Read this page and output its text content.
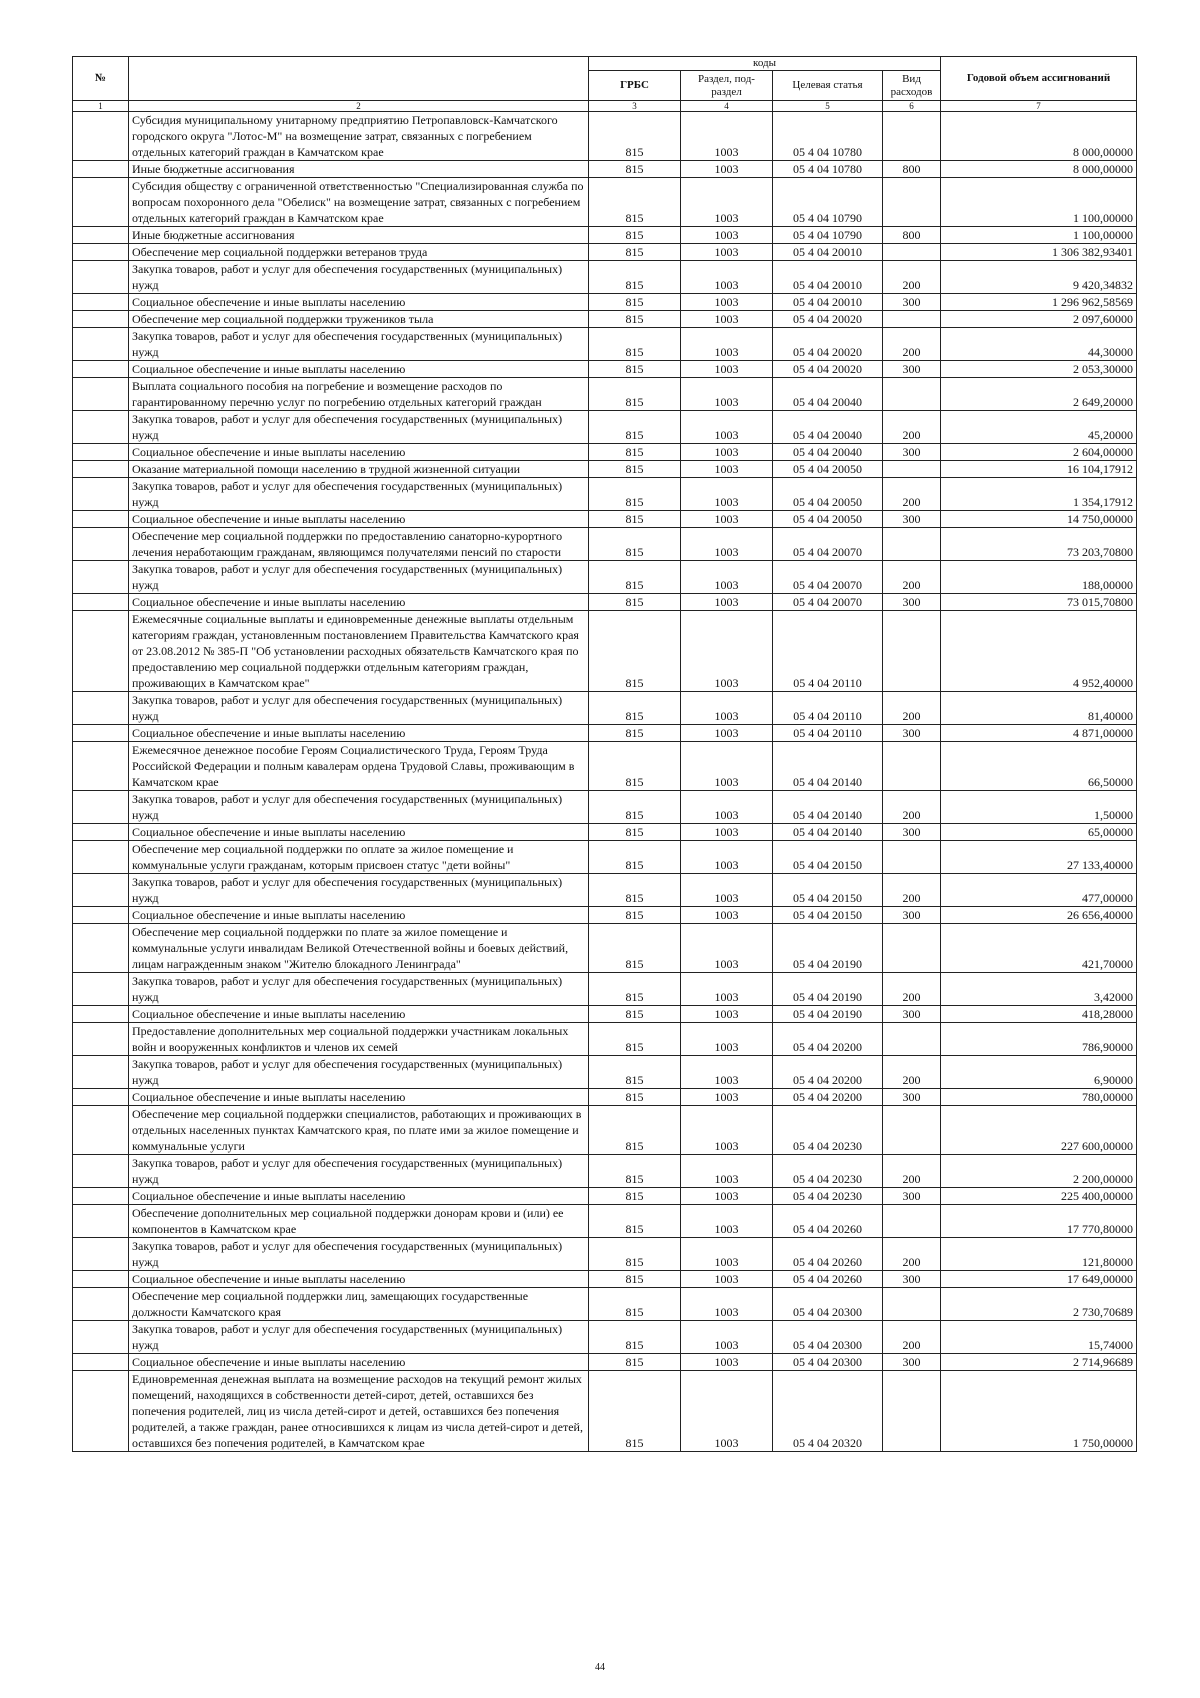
№		коды				Годовой объем ассигнований
		ГРБС	Раздел, под-раздел	Целевая статья	Вид расходов	
1	2	3	4	5	6	7
	Субсидия муниципальному унитарному предприятию Петропавловск-Камчатского городского округа "Лотос-М" на возмещение затрат, связанных с погребением отдельных категорий граждан в Камчатском крае	815	1003	05 4 04 10780		8 000,00000
	Иные бюджетные ассигнования	815	1003	05 4 04 10780	800	8 000,00000
	Субсидия обществу с ограниченной ответственностью "Специализированная служба по вопросам похоронного дела "Обелиск" на возмещение затрат, связанных с погребением отдельных категорий граждан в Камчатском крае	815	1003	05 4 04 10790		1 100,00000
	Иные бюджетные ассигнования	815	1003	05 4 04 10790	800	1 100,00000
	Обеспечение мер социальной поддержки ветеранов труда	815	1003	05 4 04 20010		1 306 382,93401
	Закупка товаров, работ и услуг для обеспечения государственных (муниципальных) нужд	815	1003	05 4 04 20010	200	9 420,34832
	Социальное обеспечение и иные выплаты населению	815	1003	05 4 04 20010	300	1 296 962,58569
	Обеспечение мер социальной поддержки тружеников тыла	815	1003	05 4 04 20020		2 097,60000
	Закупка товаров, работ и услуг для обеспечения государственных (муниципальных) нужд	815	1003	05 4 04 20020	200	44,30000
	Социальное обеспечение и иные выплаты населению	815	1003	05 4 04 20020	300	2 053,30000
	Выплата социального пособия на погребение и возмещение расходов по гарантированному перечню услуг по погребению отдельных категорий граждан	815	1003	05 4 04 20040		2 649,20000
	Закупка товаров, работ и услуг для обеспечения государственных (муниципальных) нужд	815	1003	05 4 04 20040	200	45,20000
	Социальное обеспечение и иные выплаты населению	815	1003	05 4 04 20040	300	2 604,00000
	Оказание материальной помощи населению в трудной жизненной ситуации	815	1003	05 4 04 20050		16 104,17912
	Закупка товаров, работ и услуг для обеспечения государственных (муниципальных) нужд	815	1003	05 4 04 20050	200	1 354,17912
	Социальное обеспечение и иные выплаты населению	815	1003	05 4 04 20050	300	14 750,00000
	Обеспечение мер социальной поддержки по предоставлению санаторно-курортного лечения неработающим гражданам, являющимся получателями пенсий по старости	815	1003	05 4 04 20070		73 203,70800
	Закупка товаров, работ и услуг для обеспечения государственных (муниципальных) нужд	815	1003	05 4 04 20070	200	188,00000
	Социальное обеспечение и иные выплаты населению	815	1003	05 4 04 20070	300	73 015,70800
	Ежемесячные социальные выплаты и единовременные денежные выплаты отдельным категориям граждан, установленным постановлением Правительства Камчатского края от 23.08.2012 № 385-П "Об установлении расходных обязательств Камчатского края по предоставлению мер социальной поддержки отдельным категориям граждан, проживающих в Камчатском крае"	815	1003	05 4 04 20110		4 952,40000
	Закупка товаров, работ и услуг для обеспечения государственных (муниципальных) нужд	815	1003	05 4 04 20110	200	81,40000
	Социальное обеспечение и иные выплаты населению	815	1003	05 4 04 20110	300	4 871,00000
	Ежемесячное денежное пособие Героям Социалистического Труда, Героям Труда Российской Федерации и полным кавалерам ордена Трудовой Славы, проживающим в Камчатском крае	815	1003	05 4 04 20140		66,50000
	Закупка товаров, работ и услуг для обеспечения государственных (муниципальных) нужд	815	1003	05 4 04 20140	200	1,50000
	Социальное обеспечение и иные выплаты населению	815	1003	05 4 04 20140	300	65,00000
	Обеспечение мер социальной поддержки по оплате за жилое помещение и коммунальные услуги гражданам, которым присвоен статус "дети войны"	815	1003	05 4 04 20150		27 133,40000
	Закупка товаров, работ и услуг для обеспечения государственных (муниципальных) нужд	815	1003	05 4 04 20150	200	477,00000
	Социальное обеспечение и иные выплаты населению	815	1003	05 4 04 20150	300	26 656,40000
	Обеспечение мер социальной поддержки по плате за жилое помещение и коммунальные услуги инвалидам Великой Отечественной войны и боевых действий, лицам награжденным знаком "Жителю блокадного Ленинграда"	815	1003	05 4 04 20190		421,70000
	Закупка товаров, работ и услуг для обеспечения государственных (муниципальных) нужд	815	1003	05 4 04 20190	200	3,42000
	Социальное обеспечение и иные выплаты населению	815	1003	05 4 04 20190	300	418,28000
	Предоставление дополнительных мер социальной поддержки участникам локальных войн и вооруженных конфликтов и членов их семей	815	1003	05 4 04 20200		786,90000
	Закупка товаров, работ и услуг для обеспечения государственных (муниципальных) нужд	815	1003	05 4 04 20200	200	6,90000
	Социальное обеспечение и иные выплаты населению	815	1003	05 4 04 20200	300	780,00000
	Обеспечение мер социальной поддержки специалистов, работающих и проживающих в отдельных населенных пунктах Камчатского края, по плате ими за жилое помещение и коммунальные услуги	815	1003	05 4 04 20230		227 600,00000
	Закупка товаров, работ и услуг для обеспечения государственных (муниципальных) нужд	815	1003	05 4 04 20230	200	2 200,00000
	Социальное обеспечение и иные выплаты населению	815	1003	05 4 04 20230	300	225 400,00000
	Обеспечение дополнительных мер социальной поддержки донорам крови и (или) ее компонентов в Камчатском крае	815	1003	05 4 04 20260		17 770,80000
	Закупка товаров, работ и услуг для обеспечения государственных (муниципальных) нужд	815	1003	05 4 04 20260	200	121,80000
	Социальное обеспечение и иные выплаты населению	815	1003	05 4 04 20260	300	17 649,00000
	Обеспечение мер социальной поддержки лиц, замещающих государственные должности Камчатского края	815	1003	05 4 04 20300		2 730,70689
	Закупка товаров, работ и услуг для обеспечения государственных (муниципальных) нужд	815	1003	05 4 04 20300	200	15,74000
	Социальное обеспечение и иные выплаты населению	815	1003	05 4 04 20300	300	2 714,96689
	Единовременная денежная выплата на возмещение расходов на текущий ремонт жилых помещений, находящихся в собственности детей-сирот, детей, оставшихся без попечения родителей, лиц из числа детей-сирот и детей, оставшихся без попечения родителей, а также граждан, ранее относившихся к лицам из числа детей-сирот и детей, оставшихся без попечения родителей, в Камчатском крае	815	1003	05 4 04 20320		1 750,00000
44
